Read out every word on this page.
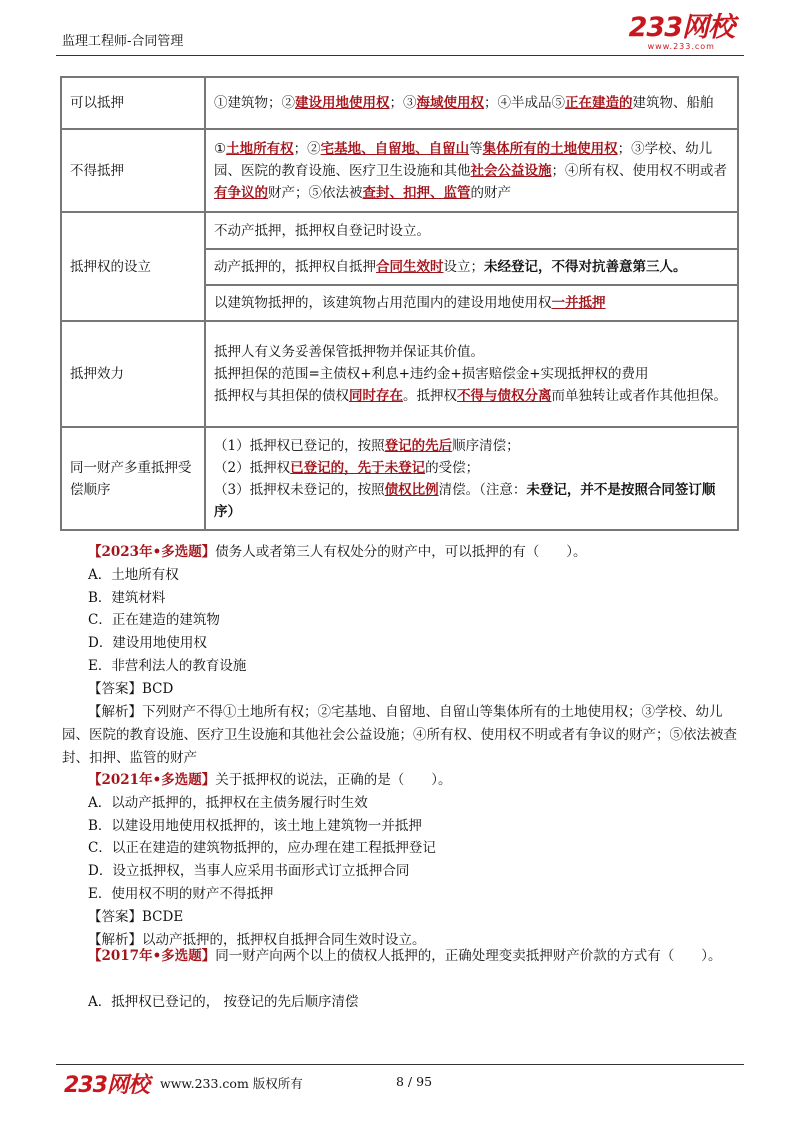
监理工程师-合同管理	233网校
www.233.com
可以抵押	①建筑物；②建设用地使用权；③海域使用权；④半成品⑤正在建造的建筑物、船舶
不得抵押	①土地所有权；②宅基地、自留地、自留山等集体所有的土地使用权；③学校、幼儿园、医院的教育设施、医疗卫生设施和其他社会公益设施；④所有权、使用权不明或者有争议的财产；⑤依法被查封、扣押、监管的财产
抵押权的设立	不动产抵押，抵押权自登记时设立。
	动产抵押的，抵押权自抵押合同生效时设立；未经登记，不得对抗善意第三人。
	以建筑物抵押的，该建筑物占用范围内的建设用地使用权一并抵押
抵押效力	抵押人有义务妥善保管抵押物并保证其价值。
抵押担保的范围=主债权+利息+违约金+损害赔偿金+实现抵押权的费用
抵押权与其担保的债权同时存在。抵押权不得与债权分离而单独转让或者作其他担保。

同一财产多重抵押受偿顺序	（1）抵押权已登记的，按照登记的先后顺序清偿；
（2）抵押权已登记的，先于未登记的受偿；
（3）抵押权未登记的，按照债权比例清偿。（注意：未登记，并不是按照合同签订顺序）
【2023年•多选题】债务人或者第三人有权处分的财产中，可以抵押的有（　　）。
A．土地所有权
B．建筑材料
C．正在建造的建筑物
D．建设用地使用权
E．非营利法人的教育设施
【答案】BCD
【解析】下列财产不得①土地所有权；②宅基地、自留地、自留山等集体所有的土地使用权；③学校、幼儿园、医院的教育设施、医疗卫生设施和其他社会公益设施；④所有权、使用权不明或者有争议的财产；⑤依法被查封、扣押、监管的财产
【2021年•多选题】关于抵押权的说法，正确的是（　　）。
A．以动产抵押的，抵押权在主债务履行时生效
B．以建设用地使用权抵押的，该土地上建筑物一并抵押
C．以正在建造的建筑物抵押的，应办理在建工程抵押登记
D．设立抵押权，当事人应采用书面形式订立抵押合同
E．使用权不明的财产不得抵押
【答案】BCDE
【解析】以动产抵押的，抵押权自抵押合同生效时设立。
【2017年•多选题】同一财产向两个以上的债权人抵押的，正确处理变卖抵押财产价款的方式有（　　）。
A．抵押权已登记的， 按登记的先后顺序清偿
233网校 www.233.com 版权所有	8 / 95
